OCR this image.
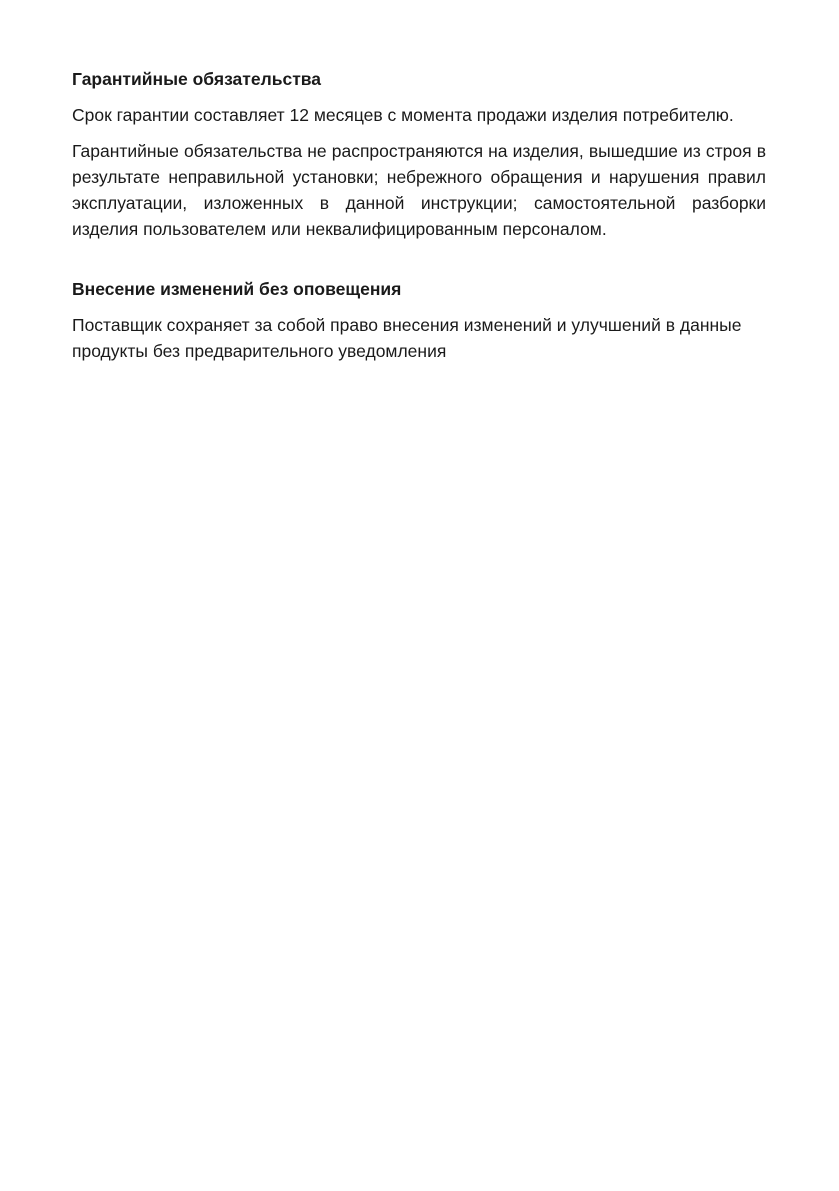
Гарантийные обязательства

Срок гарантии составляет 12 месяцев с момента продажи изделия потребителю.

Гарантийные обязательства не распространяются на изделия, вышедшие из строя в результате неправильной установки; небрежного обращения и нарушения правил эксплуатации, изложенных в данной инструкции; самостоятельной разборки изделия пользователем или неквалифицированным персоналом.

Внесение изменений без оповещения

Поставщик сохраняет за собой право внесения изменений и улучшений в данные продукты без предварительного уведомления
